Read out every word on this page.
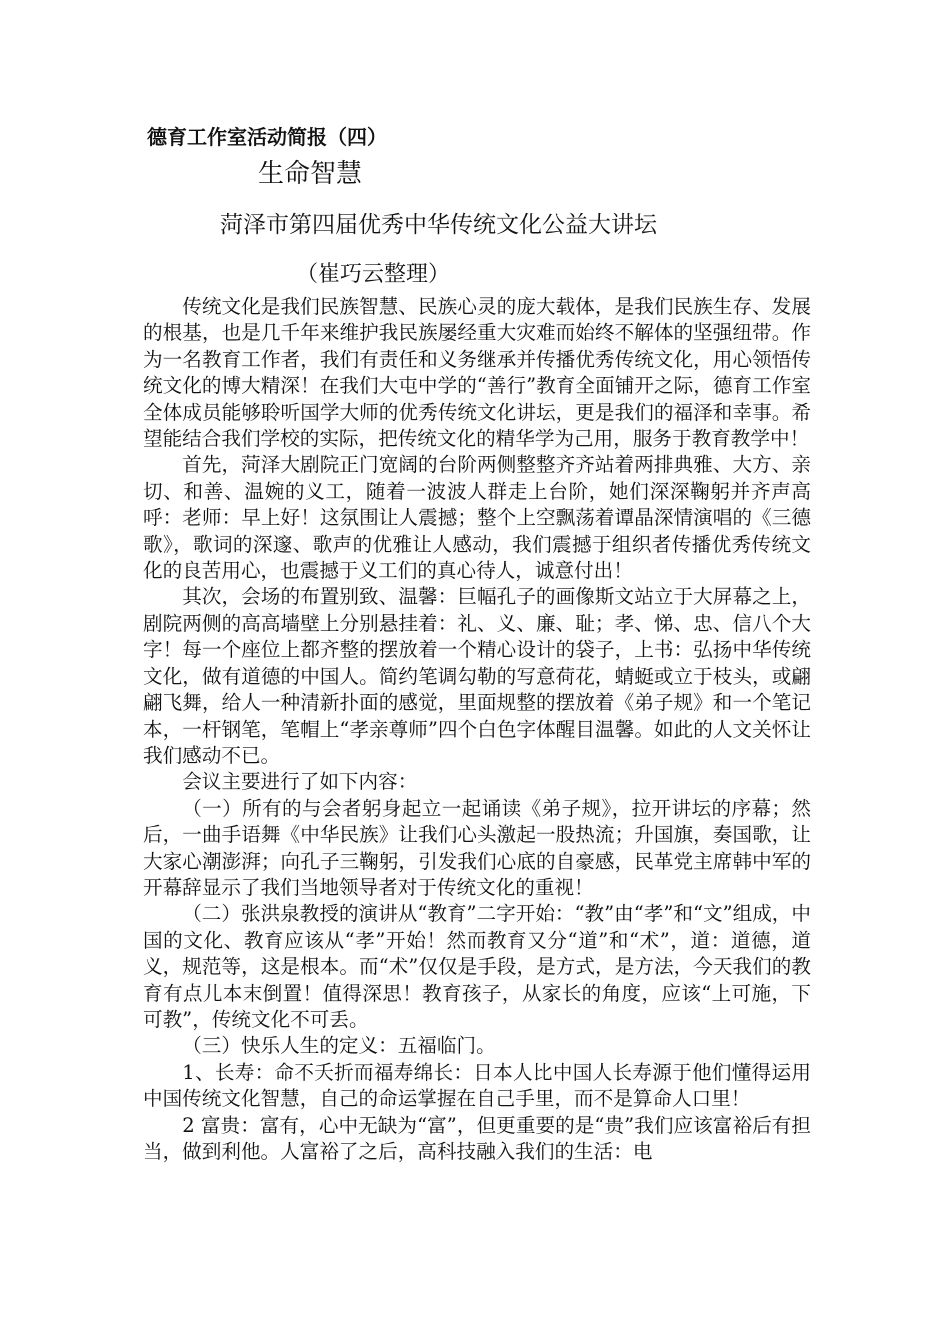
德育工作室活动简报（四）
生命智慧
菏泽市第四届优秀中华传统文化公益大讲坛
（崔巧云整理）

传统文化是我们民族智慧、民族心灵的庞大载体，是我们民族生存、发展的根基，也是几千年来维护我民族屡经重大灾难而始终不解体的坚强纽带。作为一名教育工作者，我们有责任和义务继承并传播优秀传统文化，用心领悟传统文化的博大精深！在我们大屯中学的“善行”教育全面铺开之际，德育工作室全体成员能够聆听国学大师的优秀传统文化讲坛，更是我们的福泽和幸事。希望能结合我们学校的实际，把传统文化的精华学为己用，服务于教育教学中！

首先，菏泽大剧院正门宽阔的台阶两侧整整齐齐站着两排典雅、大方、亲切、和善、温婉的义工，随着一波波人群走上台阶，她们深深鞠躬并齐声高呼：老师：早上好！这氛围让人震撼；整个上空飘荡着谭晶深情演唱的《三德歌》，歌词的深邃、歌声的优雅让人感动，我们震撼于组织者传播优秀传统文化的良苦用心，也震撼于义工们的真心待人，诚意付出！

其次，会场的布置别致、温馨：巨幅孔子的画像斯文站立于大屏幕之上，剧院两侧的高高墙壁上分别悬挂着：礼、义、廉、耻；孝、悌、忠、信八个大字！每一个座位上都齐整的摆放着一个精心设计的袋子，上书：弘扬中华传统文化，做有道德的中国人。简约笔调勾勒的写意荷花，蜻蜓或立于枝头，或翩翩飞舞，给人一种清新扑面的感觉，里面规整的摆放着《弟子规》和一个笔记本，一杆钢笔，笔帽上“孝亲尊师”四个白色字体醒目温馨。如此的人文关怀让我们感动不已。

会议主要进行了如下内容：

（一）所有的与会者躬身起立一起诵读《弟子规》，拉开讲坛的序幕；然后，一曲手语舞《中华民族》让我们心头激起一股热流；升国旗，奏国歌，让大家心潮澎湃；向孔子三鞠躬，引发我们心底的自豪感，民革党主席韩中军的开幕辞显示了我们当地领导者对于传统文化的重视！

（二）张洪泉教授的演讲从“教育”二字开始：“教”由“孝”和“文”组成，中国的文化、教育应该从“孝”开始！然而教育又分“道”和“术”，道：道德，道义，规范等，这是根本。而“术”仅仅是手段，是方式，是方法，今天我们的教育有点儿本末倒置！值得深思！教育孩子，从家长的角度，应该“上可施，下可教”，传统文化不可丢。

（三）快乐人生的定义：五福临门。

1、长寿：命不夭折而福寿绵长：日本人比中国人长寿源于他们懂得运用中国传统文化智慧，自己的命运掌握在自己手里，而不是算命人口里！

2 富贵：富有，心中无缺为“富”，但更重要的是“贵”我们应该富裕后有担当，做到利他。人富裕了之后，高科技融入我们的生活：电
